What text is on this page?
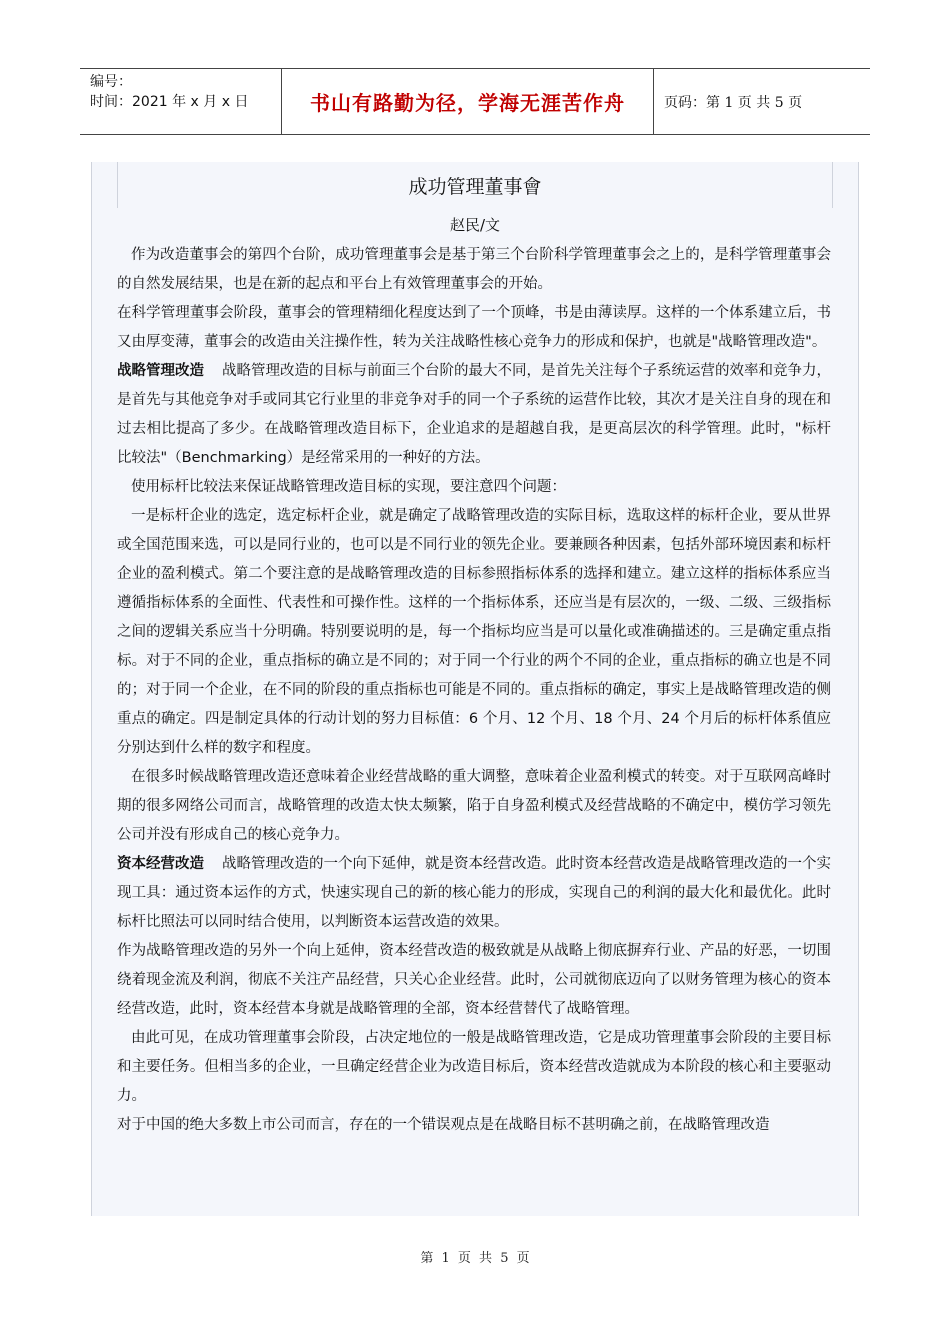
编号：
时间：2021 年 x 月 x 日	书山有路勤为径，学海无涯苦作舟	页码：第 1 页 共 5 页
成功管理董事會
赵民/文

作为改造董事会的第四个台阶，成功管理董事会是基于第三个台阶科学管理董事会之上的，是科学管理董事会的自然发展结果，也是在新的起点和平台上有效管理董事会的开始。

在科学管理董事会阶段，董事会的管理精细化程度达到了一个顶峰，书是由薄读厚。这样的一个体系建立后，书又由厚变薄，董事会的改造由关注操作性，转为关注战略性核心竞争力的形成和保护，也就是"战略管理改造"。

战略管理改造 战略管理改造的目标与前面三个台阶的最大不同，是首先关注每个子系统运营的效率和竞争力，是首先与其他竞争对手或同其它行业里的非竞争对手的同一个子系统的运营作比较，其次才是关注自身的现在和过去相比提高了多少。在战略管理改造目标下，企业追求的是超越自我，是更高层次的科学管理。此时，"标杆比较法"（Benchmarking）是经常采用的一种好的方法。

使用标杆比较法来保证战略管理改造目标的实现，要注意四个问题：

一是标杆企业的选定，选定标杆企业，就是确定了战略管理改造的实际目标，选取这样的标杆企业，要从世界或全国范围来选，可以是同行业的，也可以是不同行业的领先企业。要兼顾各种因素，包括外部环境因素和标杆企业的盈利模式。第二个要注意的是战略管理改造的目标参照指标体系的选择和建立。建立这样的指标体系应当遵循指标体系的全面性、代表性和可操作性。这样的一个指标体系，还应当是有层次的，一级、二级、三级指标之间的逻辑关系应当十分明确。特别要说明的是，每一个指标均应当是可以量化或准确描述的。三是确定重点指标。对于不同的企业，重点指标的确立是不同的；对于同一个行业的两个不同的企业，重点指标的确立也是不同的；对于同一个企业，在不同的阶段的重点指标也可能是不同的。重点指标的确定，事实上是战略管理改造的侧重点的确定。四是制定具体的行动计划的努力目标值：6 个月、12 个月、18 个月、24 个月后的标杆体系值应分别达到什么样的数字和程度。

在很多时候战略管理改造还意味着企业经营战略的重大调整，意味着企业盈利模式的转变。对于互联网高峰时期的很多网络公司而言，战略管理的改造太快太频繁，陷于自身盈利模式及经营战略的不确定中，模仿学习领先公司并没有形成自己的核心竞争力。

资本经营改造 战略管理改造的一个向下延伸，就是资本经营改造。此时资本经营改造是战略管理改造的一个实现工具：通过资本运作的方式，快速实现自己的新的核心能力的形成，实现自己的利润的最大化和最优化。此时标杆比照法可以同时结合使用，以判断资本运营改造的效果。

作为战略管理改造的另外一个向上延伸，资本经营改造的极致就是从战略上彻底摒弃行业、产品的好恶，一切围绕着现金流及利润，彻底不关注产品经营，只关心企业经营。此时，公司就彻底迈向了以财务管理为核心的资本经营改造，此时，资本经营本身就是战略管理的全部，资本经营替代了战略管理。

由此可见，在成功管理董事会阶段，占决定地位的一般是战略管理改造，它是成功管理董事会阶段的主要目标和主要任务。但相当多的企业，一旦确定经营企业为改造目标后，资本经营改造就成为本阶段的核心和主要驱动力。

对于中国的绝大多数上市公司而言，存在的一个错误观点是在战略目标不甚明确之前，在战略管理改造

第 1 页 共 5 页
